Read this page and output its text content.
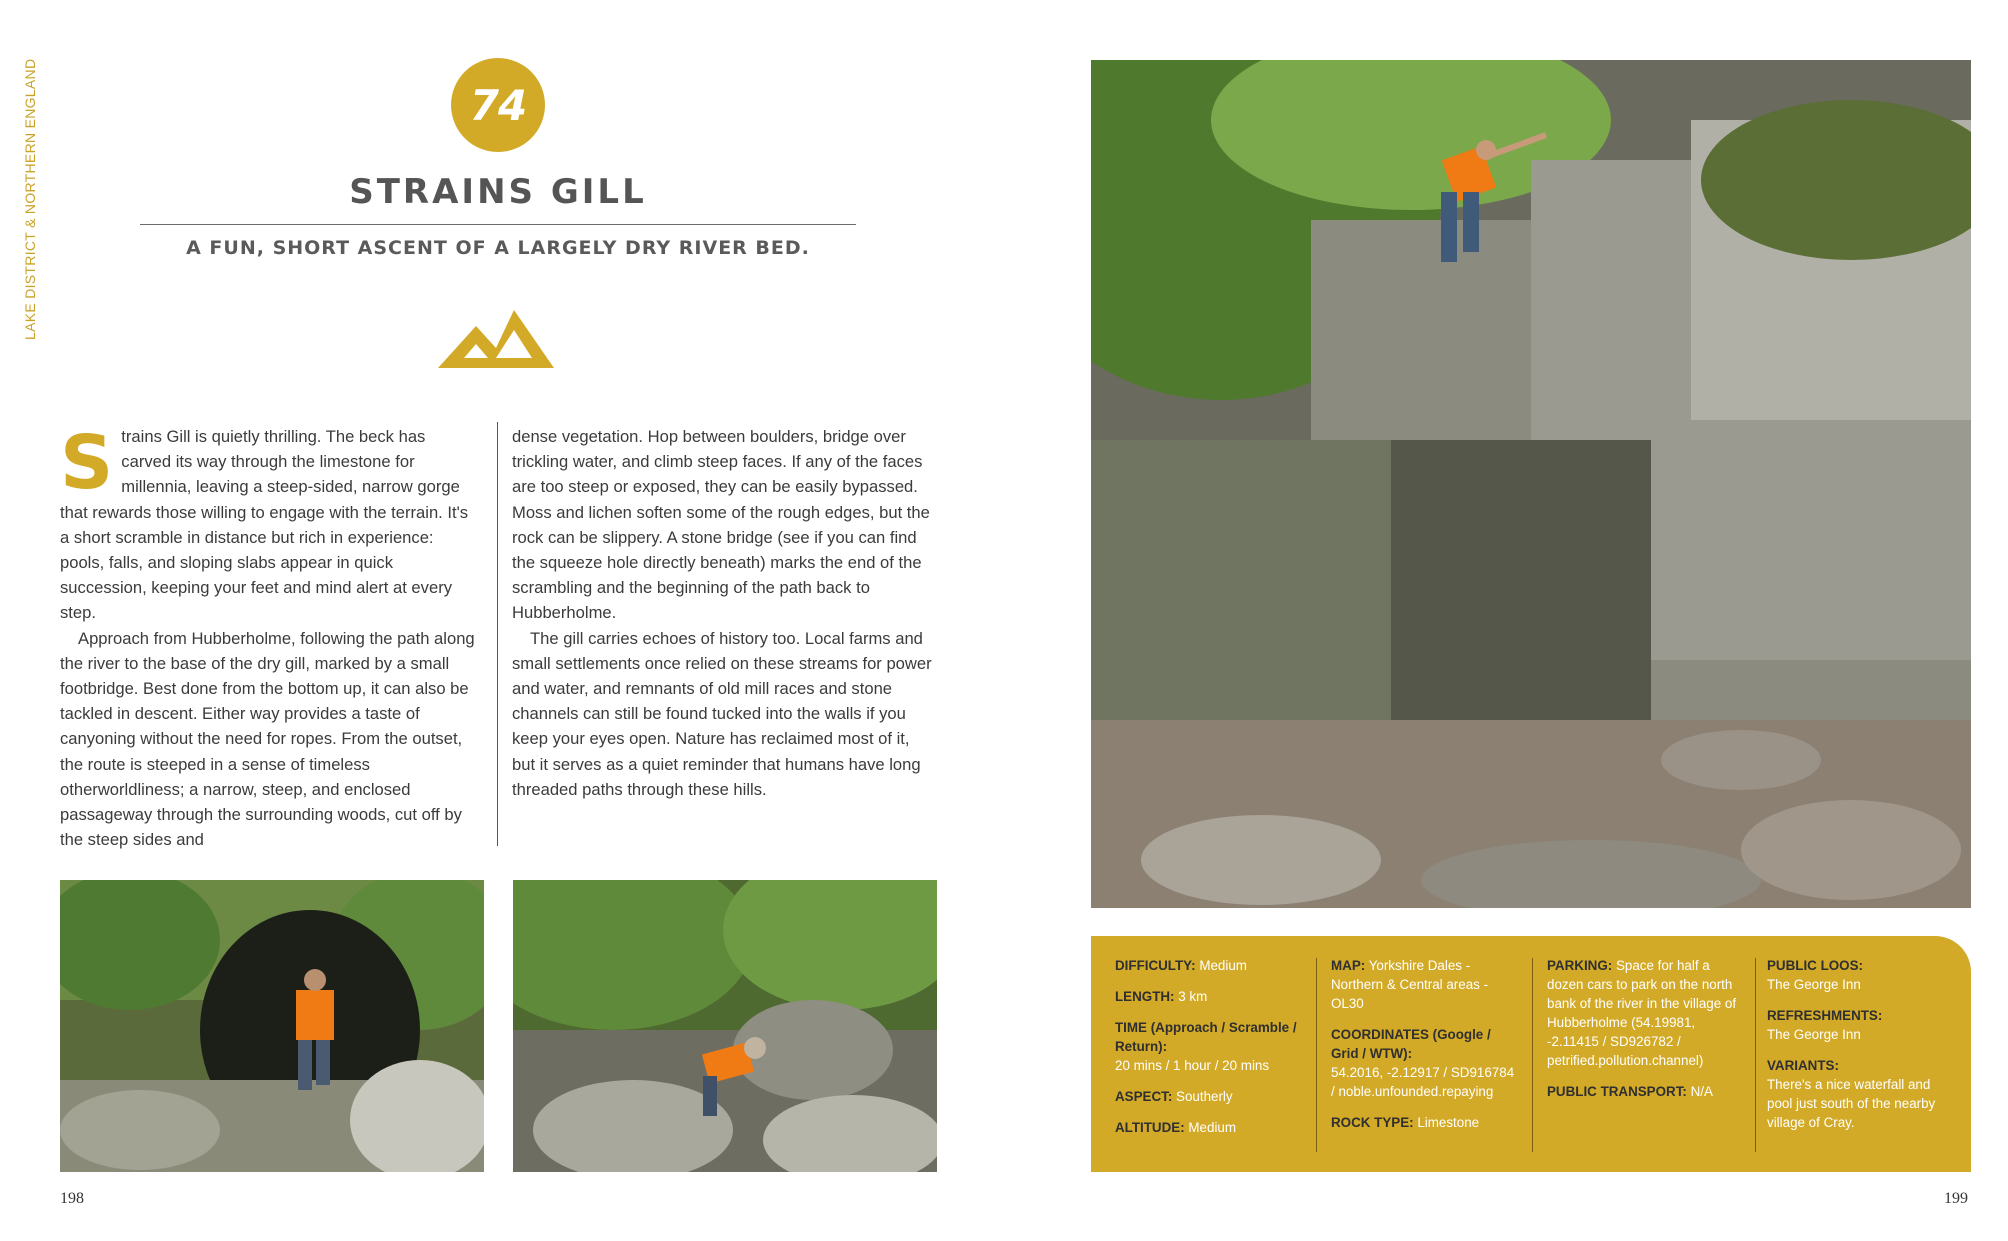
LAKE DISTRICT & NORTHERN ENGLAND	74
STRAINS GILL
A FUN, SHORT ASCENT OF A LARGELY DRY RIVER BED.

Strains Gill is quietly thrilling. The beck has carved its way through the limestone for millennia, leaving a steep-sided, narrow gorge that rewards those willing to engage with the terrain. It's a short scramble in distance but rich in experience: pools, falls, and sloping slabs appear in quick succession, keeping your feet and mind alert at every step.

Approach from Hubberholme, following the path along the river to the base of the dry gill, marked by a small footbridge. Best done from the bottom up, it can also be tackled in descent. Either way provides a taste of canyoning without the need for ropes. From the outset, the route is steeped in a sense of timeless otherworldliness; a narrow, steep, and enclosed passageway through the surrounding woods, cut off by the steep sides and

dense vegetation. Hop between boulders, bridge over trickling water, and climb steep faces. If any of the faces are too steep or exposed, they can be easily bypassed. Moss and lichen soften some of the rough edges, but the rock can be slippery. A stone bridge (see if you can find the squeeze hole directly beneath) marks the end of the scrambling and the beginning of the path back to Hubberholme.

The gill carries echoes of history too. Local farms and small settlements once relied on these streams for power and water, and remnants of old mill races and stone channels can still be found tucked into the walls if you keep your eyes open. Nature has reclaimed most of it, but it serves as a quiet reminder that humans have long threaded paths through these hills.

DIFFICULTY: Medium

LENGTH: 3 km

TIME (Approach / Scramble / Return):
20 mins / 1 hour / 20 mins

ASPECT: Southerly

ALTITUDE: Medium

MAP: Yorkshire Dales - Northern & Central areas - OL30

COORDINATES (Google / Grid / WTW):
54.2016, -2.12917 / SD916784 / noble.unfounded.repaying

ROCK TYPE: Limestone

PARKING: Space for half a dozen cars to park on the north bank of the river in the village of Hubberholme (54.19981, -2.11415 / SD926782 / petrified.pollution.channel)

PUBLIC TRANSPORT: N/A

PUBLIC LOOS:
The George Inn

REFRESHMENTS:
The George Inn

VARIANTS:
There's a nice waterfall and pool just south of the nearby village of Cray.

198	199
